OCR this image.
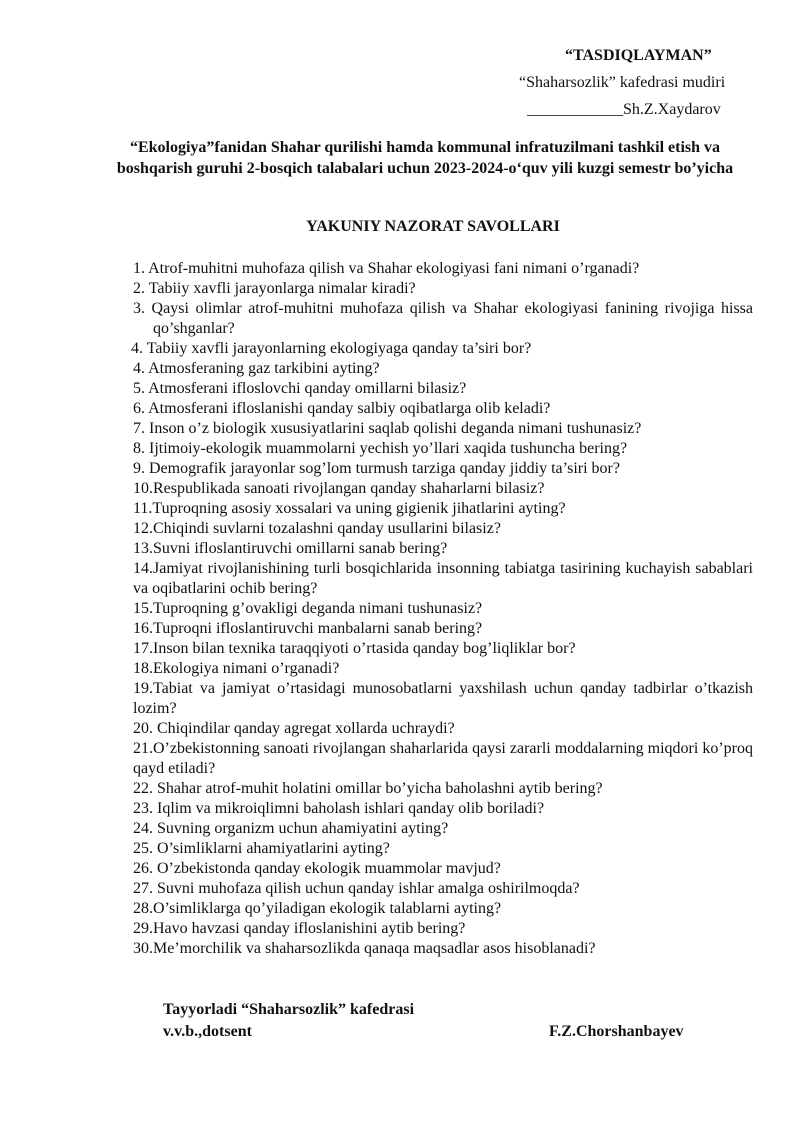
“TASDIQLAYMAN”
“Shaharsozlik” kafedrasi mudiri
____________Sh.Z.Xaydarov
“Ekologiya”fanidan Shahar qurilishi hamda kommunal infratuzilmani tashkil etish va boshqarish guruhi 2-bosqich talabalari uchun 2023-2024-o‘quv yili kuzgi semestr bo’yicha
YAKUNIY NAZORAT SAVOLLARI
1. Atrof-muhitni muhofaza qilish va Shahar ekologiyasi fani nimani o’rganadi?
2. Tabiiy xavfli jarayonlarga nimalar kiradi?
3. Qaysi olimlar atrof-muhitni muhofaza qilish va Shahar ekologiyasi fanining rivojiga hissa qo’shganlar?
4. Tabiiy xavfli jarayonlarning ekologiyaga qanday ta’siri bor?
4. Atmosferaning gaz tarkibini ayting?
5. Atmosferani ifloslovchi qanday omillarni bilasiz?
6. Atmosferani ifloslanishi qanday salbiy oqibatlarga olib keladi?
7. Inson o’z biologik xususiyatlarini saqlab qolishi deganda nimani tushunasiz?
8. Ijtimoiy-ekologik muammolarni yechish yo’llari xaqida tushuncha bering?
9. Demografik jarayonlar sog’lom turmush tarziga qanday jiddiy ta’siri bor?
10.Respublikada sanoati rivojlangan qanday shaharlarni bilasiz?
11.Tuproqning asosiy xossalari va uning gigienik jihatlarini ayting?
12.Chiqindi suvlarni tozalashni qanday usullarini bilasiz?
13.Suvni ifloslantiruvchi omillarni sanab bering?
14.Jamiyat rivojlanishining turli bosqichlarida insonning tabiatga tasirining kuchayish sabablari va oqibatlarini ochib bering?
15.Tuproqning g’ovakligi deganda nimani tushunasiz?
16.Tuproqni ifloslantiruvchi manbalarni sanab bering?
17.Inson bilan texnika taraqqiyoti o’rtasida qanday bog’liqliklar bor?
18.Ekologiya nimani o’rganadi?
19.Tabiat va jamiyat o’rtasidagi munosobatlarni yaxshilash uchun qanday tadbirlar o’tkazish lozim?
20. Chiqindilar qanday agregat xollarda uchraydi?
21.O’zbekistonning sanoati rivojlangan shaharlarida qaysi zararli moddalarning miqdori ko’proq qayd etiladi?
22. Shahar atrof-muhit holatini omillar bo’yicha baholashni aytib bering?
23. Iqlim va mikroiqlimni baholash ishlari qanday olib boriladi?
24. Suvning organizm uchun ahamiyatini ayting?
25. O’simliklarni ahamiyatlarini ayting?
26. O’zbekistonda qanday ekologik muammolar mavjud?
27. Suvni muhofaza qilish uchun qanday ishlar amalga oshirilmoqda?
28.O’simliklarga qo’yiladigan ekologik talablarni ayting?
29.Havo havzasi qanday ifloslanishini aytib bering?
30.Me’morchilik va shaharsozlikda qanaqa maqsadlar asos hisoblanadi?
Tayyorladi “Shaharsozlik” kafedrasi
v.v.b.,dotsent	F.Z.Chorshanbayev
